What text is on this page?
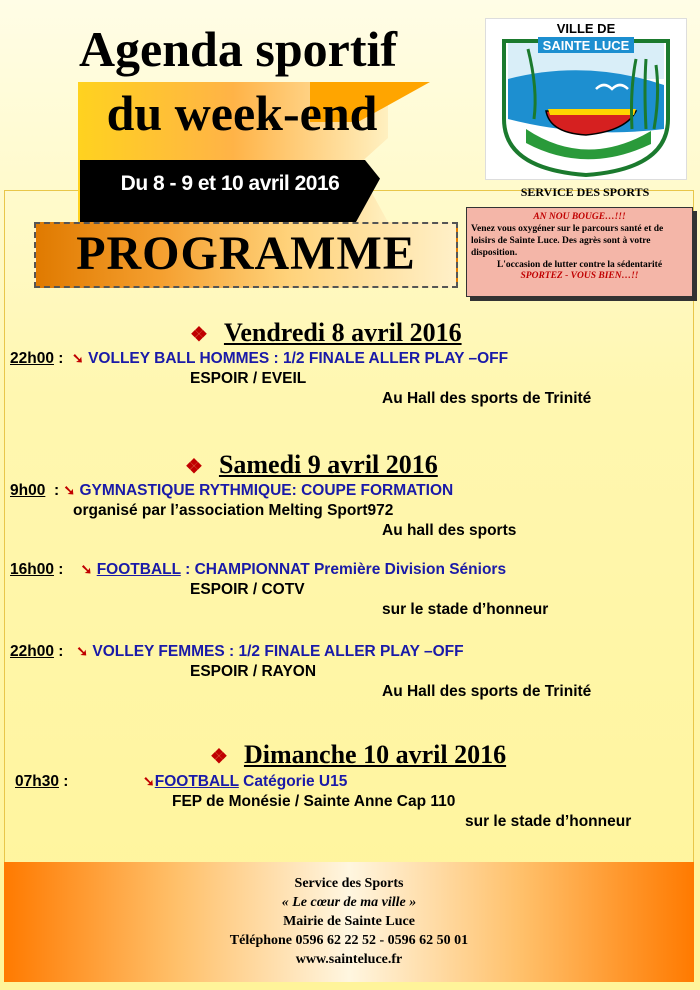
Agenda sportif
du week-end
Du 8 - 9 et 10 avril 2016
VILLE DE
SAINTE LUCE
SERVICE DES SPORTS
PROGRAMME
AN NOU BOUGE…!!!
Venez vous oxygéner sur le parcours santé et de loisirs de Sainte Luce. Des agrès sont à votre disposition.
L'occasion de lutter contre la sédentarité
SPORTEZ - VOUS BIEN…!!
❖ Vendredi 8 avril 2016
22h00 :  ➘ VOLLEY BALL HOMMES : 1/2 FINALE ALLER PLAY –OFF
ESPOIR / EVEIL
Au Hall des sports de Trinité
❖ Samedi 9 avril 2016
9h00  : ➘ GYMNASTIQUE RYTHMIQUE: COUPE FORMATION
organisé par l’association Melting Sport972
Au hall des sports
16h00 :    ➘ FOOTBALL : CHAMPIONNAT Première Division Séniors
ESPOIR / COTV
sur le stade d’honneur
22h00 :   ➘ VOLLEY FEMMES : 1/2 FINALE ALLER PLAY –OFF
ESPOIR / RAYON
Au Hall des sports de Trinité
❖ Dimanche 10 avril 2016
07h30 :	➘FOOTBALL Catégorie U15
FEP de Monésie / Sainte Anne Cap 110
sur le stade d’honneur
Service des Sports
« Le cœur de ma ville »
Mairie de Sainte Luce
Téléphone 0596 62 22 52 - 0596 62 50 01
www.sainteluce.fr
